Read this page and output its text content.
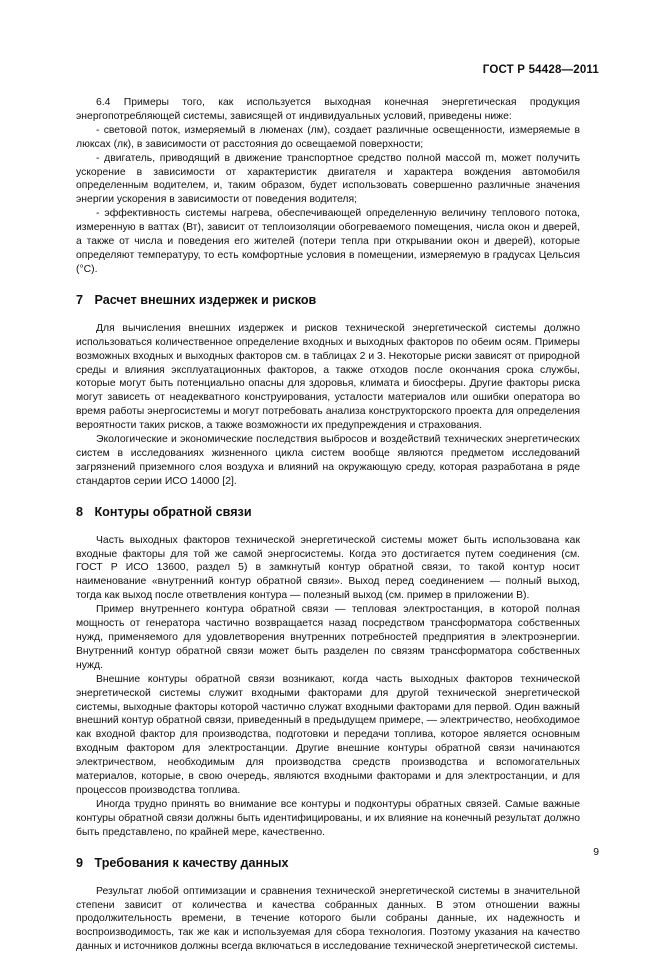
ГОСТ Р 54428—2011

6.4 Примеры того, как используется выходная конечная энергетическая продукция энергопотребляющей системы, зависящей от индивидуальных условий, приведены ниже:

- световой поток, измеряемый в люменах (лм), создает различные освещенности, измеряемые в люксах (лк), в зависимости от расстояния до освещаемой поверхности;

- двигатель, приводящий в движение транспортное средство полной массой m, может получить ускорение в зависимости от характеристик двигателя и характера вождения автомобиля определенным водителем, и, таким образом, будет использовать совершенно различные значения энергии ускорения в зависимости от поведения водителя;

- эффективность системы нагрева, обеспечивающей определенную величину теплового потока, измеренную в ваттах (Вт), зависит от теплоизоляции обогреваемого помещения, числа окон и дверей, а также от числа и поведения его жителей (потери тепла при открывании окон и дверей), которые определяют температуру, то есть комфортные условия в помещении, измеряемую в градусах Цельсия (°С).

7 Расчет внешних издержек и рисков

Для вычисления внешних издержек и рисков технической энергетической системы должно использоваться количественное определение входных и выходных факторов по обеим осям. Примеры возможных входных и выходных факторов см. в таблицах 2 и 3. Некоторые риски зависят от природной среды и влияния эксплуатационных факторов, а также отходов после окончания срока службы, которые могут быть потенциально опасны для здоровья, климата и биосферы. Другие факторы риска могут зависеть от неадекватного конструирования, усталости материалов или ошибки оператора во время работы энергосистемы и могут потребовать анализа конструкторского проекта для определения вероятности таких рисков, а также возможности их предупреждения и страхования.

Экологические и экономические последствия выбросов и воздействий технических энергетических систем в исследованиях жизненного цикла систем вообще являются предметом исследований загрязнений приземного слоя воздуха и влияний на окружающую среду, которая разработана в ряде стандартов серии ИСО 14000 [2].

8 Контуры обратной связи

Часть выходных факторов технической энергетической системы может быть использована как входные факторы для той же самой энергосистемы. Когда это достигается путем соединения (см. ГОСТ Р ИСО 13600, раздел 5) в замкнутый контур обратной связи, то такой контур носит наименование «внутренний контур обратной связи». Выход перед соединением — полный выход, тогда как выход после ответвления контура — полезный выход (см. пример в приложении В).

Пример внутреннего контура обратной связи — тепловая электростанция, в которой полная мощность от генератора частично возвращается назад посредством трансформатора собственных нужд, применяемого для удовлетворения внутренних потребностей предприятия в электроэнергии. Внутренний контур обратной связи может быть разделен по связям трансформатора собственных нужд.

Внешние контуры обратной связи возникают, когда часть выходных факторов технической энергетической системы служит входными факторами для другой технической энергетической системы, выходные факторы которой частично служат входными факторами для первой. Один важный внешний контур обратной связи, приведенный в предыдущем примере, — электричество, необходимое как входной фактор для производства, подготовки и передачи топлива, которое является основным входным фактором для электростанции. Другие внешние контуры обратной связи начинаются электричеством, необходимым для производства средств производства и вспомогательных материалов, которые, в свою очередь, являются входными факторами и для электростанции, и для процессов производства топлива.

Иногда трудно принять во внимание все контуры и подконтуры обратных связей. Самые важные контуры обратной связи должны быть идентифицированы, и их влияние на конечный результат должно быть представлено, по крайней мере, качественно.

9 Требования к качеству данных

Результат любой оптимизации и сравнения технической энергетической системы в значительной степени зависит от количества и качества собранных данных. В этом отношении важны продолжительность времени, в течение которого были собраны данные, их надежность и воспроизводимость, так же как и используемая для сбора технология. Поэтому указания на качество данных и источников должны всегда включаться в исследование технической энергетической системы.

9
